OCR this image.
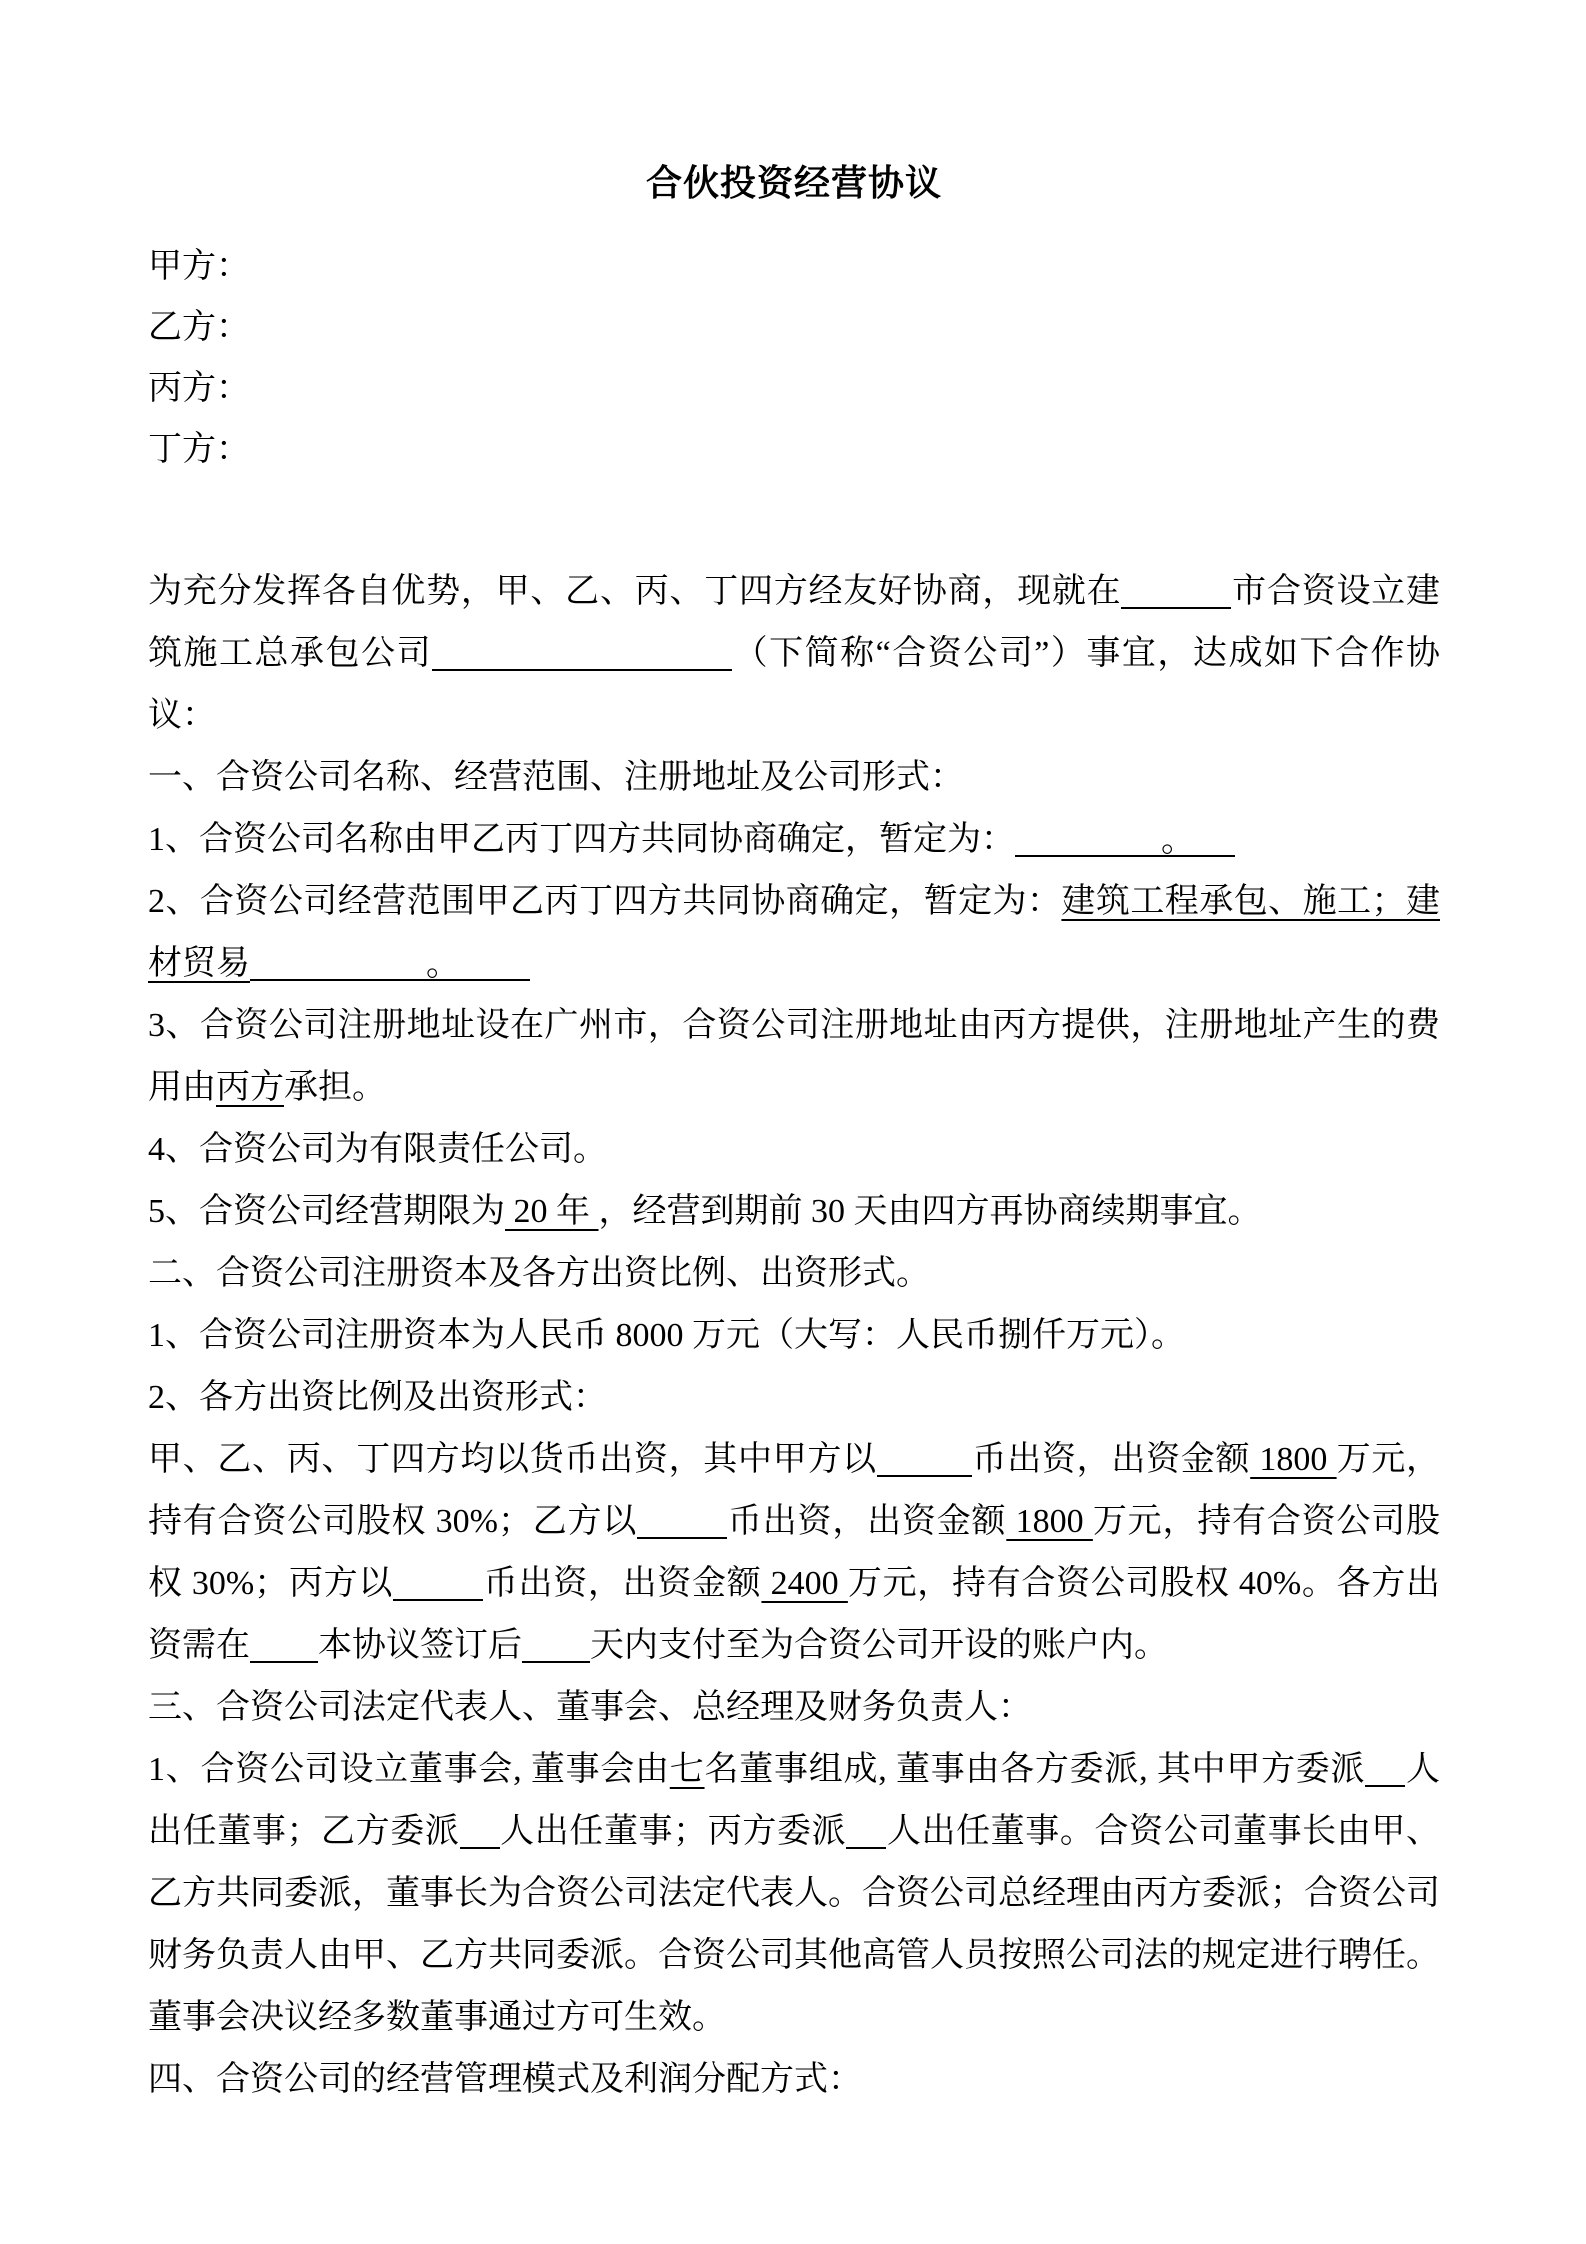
合伙投资经营协议
甲方：
乙方：
丙方：
丁方：

为充分发挥各自优势，甲、乙、丙、丁四方经友好协商，现就在	市合资设立建筑施工总承包公司	（下简称“合资公司”）事宜，达成如下合作协议：

一、合资公司名称、经营范围、注册地址及公司形式：

1、合资公司名称由甲乙丙丁四方共同协商确定，暂定为：	。

2、合资公司经营范围甲乙丙丁四方共同协商确定，暂定为：建筑工程承包、施工；建材贸易	。

3、合资公司注册地址设在广州市，合资公司注册地址由丙方提供，注册地址产生的费用由丙方承担。

4、合资公司为有限责任公司。

5、合资公司经营期限为 20 年 ，经营到期前 30 天由四方再协商续期事宜。

二、合资公司注册资本及各方出资比例、出资形式。

1、合资公司注册资本为人民币 8000 万元（大写：人民币捌仟万元）。

2、各方出资比例及出资形式：

甲、乙、丙、丁四方均以货币出资，其中甲方以	币出资，出资金额 1800 万元，持有合资公司股权 30%；乙方以	币出资，出资金额 1800 万元，持有合资公司股权 30%；丙方以	币出资，出资金额 2400 万元，持有合资公司股权 40%。各方出资需在 本协议签订后 天内支付至为合资公司开设的账户内。

三、合资公司法定代表人、董事会、总经理及财务负责人：

1、合资公司设立董事会, 董事会由七名董事组成, 董事由各方委派, 其中甲方委派 人出任董事；乙方委派 人出任董事；丙方委派 人出任董事。合资公司董事长由甲、乙方共同委派，董事长为合资公司法定代表人。合资公司总经理由丙方委派；合资公司财务负责人由甲、乙方共同委派。合资公司其他高管人员按照公司法的规定进行聘任。董事会决议经多数董事通过方可生效。

四、合资公司的经营管理模式及利润分配方式：
